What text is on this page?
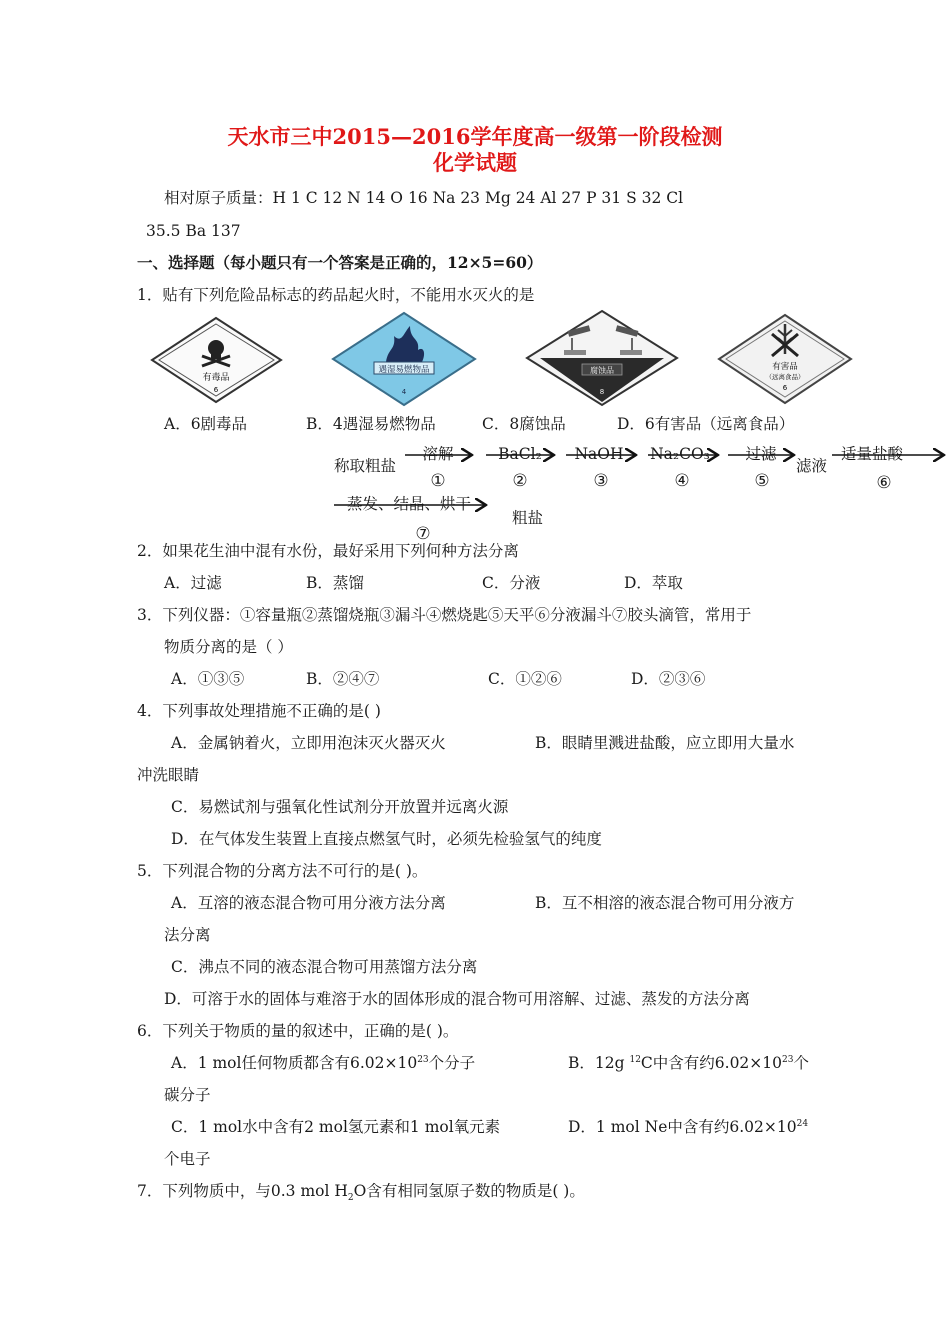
天水市三中2015—2016学年度高一级第一阶段检测
化学试题
相对原子质量：H 1 C 12 N 14 O 16 Na 23 Mg 24 Al 27 P 31 S 32 Cl
35.5 Ba 137
一、选择题（每小题只有一个答案是正确的，12×5=60）
1．贴有下列危险品标志的药品起火时，不能用水灭火的是
有毒品
6
遇湿易燃物品
4
腐蚀品
8
有害品
（远离食品）
6
A．6剧毒品	B．4遇湿易燃物品	C．8腐蚀品	D．6有害品（远离食品）
称取粗盐
溶解	BaCl₂	NaOH	Na₂CO₃	过滤
滤液
适量盐酸
蒸发、结晶、烘干
粗盐
①	②	③	④	⑤	⑥
⑦
2．如果花生油中混有水份，最好采用下列何种方法分离
A．过滤	B．蒸馏	C．分液	D．萃取
3．下列仪器：①容量瓶②蒸馏烧瓶③漏斗④燃烧匙⑤天平⑥分液漏斗⑦胶头滴管，常用于
物质分离的是（ ）
A．①③⑤	B．②④⑦	C．①②⑥	D．②③⑥
4．下列事故处理措施不正确的是( )
A．金属钠着火，立即用泡沫灭火器灭火	B．眼睛里溅进盐酸，应立即用大量水
冲洗眼睛
C．易燃试剂与强氧化性试剂分开放置并远离火源
D．在气体发生装置上直接点燃氢气时，必须先检验氢气的纯度
5．下列混合物的分离方法不可行的是( )。
A．互溶的液态混合物可用分液方法分离	B．互不相溶的液态混合物可用分液方
法分离
C．沸点不同的液态混合物可用蒸馏方法分离
D．可溶于水的固体与难溶于水的固体形成的混合物可用溶解、过滤、蒸发的方法分离
6．下列关于物质的量的叙述中，正确的是( )。
A．1 mol任何物质都含有$6.02\times 10^{23}$个分子	B．12g $^{12}$C中含有约$6.02\times 10^{23}$个
碳分子
C．1 mol水中含有2 mol氢元素和1 mol氧元素	D．1 mol Ne中含有约$6.02\times 10^{24}$
个电子
7．下列物质中，与0.3 mol $H_2O$含有相同氢原子数的物质是( )。
